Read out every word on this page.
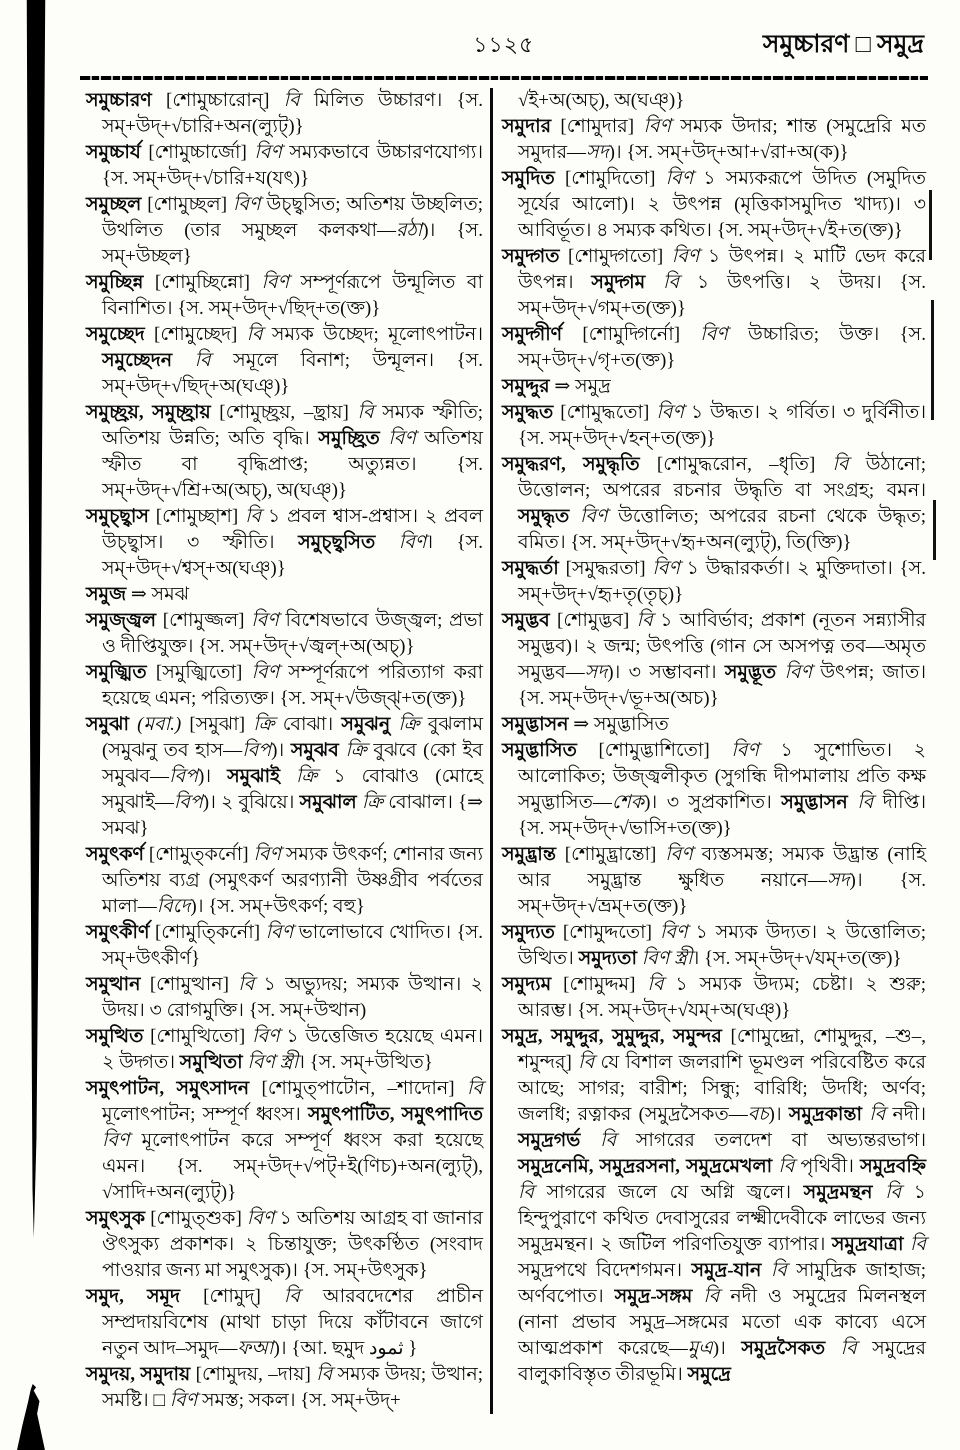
১১২৫	সমুচ্চারণ □ সমুদ্র

সমুচ্চারণ [শোমুচ্চারোন্] বি মিলিত উচ্চারণ। {স. সম্+উদ্+√চারি+অন(ল্যুট্)}

সমুচ্চার্য [শোমুচ্চার্জো] বিণ সম্যকভাবে উচ্চারণযোগ্য। {স. সম্+উদ্+√চারি+য(যৎ)}

সমুচ্ছল [শোমুচ্ছল] বিণ উচ্ছ্বসিত; অতিশয় উচ্ছলিত; উথলিত (তার সমুচ্ছল কলকথা—রঠা)। {স. সম্+উচ্ছল}

সমুচ্ছিন্ন [শোমুচ্ছিন্নো] বিণ সম্পূর্ণরূপে উন্মূলিত বা বিনাশিত। {স. সম্+উদ্+√ছিদ্+ত(ক্ত)}

সমুচ্ছেদ [শোমুচ্ছেদ] বি সম্যক উচ্ছেদ; মূলোৎপাটন। সমুচ্ছেদন বি সমূলে বিনাশ; উন্মূলন। {স. সম্+উদ্+√ছিদ্+অ(ঘঞ্)}

সমুচ্ছ্রয়, সমুচ্ছ্রায় [শোমুচ্ছ্রয়, –ছ্রায়] বি সম্যক স্ফীতি; অতিশয় উন্নতি; অতি বৃদ্ধি। সমুচ্ছ্রিত বিণ অতিশয় স্ফীত বা বৃদ্ধিপ্রাপ্ত; অত্যুন্নত। {স. সম্+উদ্+√শ্রি+অ(অচ্), অ(ঘঞ্)}

সমুচ্ছ্বাস [শোমুচ্ছাশ] বি ১ প্রবল শ্বাস-প্রশ্বাস। ২ প্রবল উচ্ছ্বাস। ৩ স্ফীতি। সমুচ্ছ্বসিত বিণ। {স. সম্+উদ্+√শ্বস্+অ(ঘঞ্)}

সমুজ ⇒ সমঝ

সমুজ্জ্বল [শোমুজ্জল] বিণ বিশেষভাবে উজ্জ্বল; প্রভা ও দীপ্তিযুক্ত। {স. সম্+উদ্+√জ্বল্+অ(অচ্)}

সমুজ্ঝিত [সমুজ্ঝিতো] বিণ সম্পূর্ণরূপে পরিত্যাগ করা হয়েছে এমন; পরিত্যক্ত। {স. সম্+√উজ্ঝ্+ত(ক্ত)}

সমুঝা (মবা.) [সমুঝা] ক্রি বোঝা। সমুঝনু ক্রি বুঝলাম (সমুঝনু তব হাস—বিপ)। সমুঝব ক্রি বুঝবে (কো ইব সমুঝব—বিপ)। সমুঝাই ক্রি ১ বোঝাও (মোহে সমুঝাই—বিপ)। ২ বুঝিয়ে। সমুঝাল ক্রি বোঝাল। {⇒ সমঝ}

সমুৎকর্ণ [শোমুত্কর্নো] বিণ সম্যক উৎকর্ণ; শোনার জন্য অতিশয় ব্যগ্র (সমুৎকর্ণ অরণ্যানী উষ্ণগ্রীব পর্বতের মালা—বিদে)। {স. সম্+উৎকর্ণ; বহু}

সমুৎকীর্ণ [শোমুত্কির্নো] বিণ ভালোভাবে খোদিত। {স. সম্+উৎকীর্ণ}

সমুত্থান [শোমুত্থান] বি ১ অভ্যুদয়; সম্যক উত্থান। ২ উদয়। ৩ রোগমুক্তি। {স. সম্+উত্থান)

সমুত্থিত [শোমুত্থিতো] বিণ ১ উত্তেজিত হয়েছে এমন। ২ উদ্গত। সমুত্থিতা বিণ স্ত্রী। {স. সম্+উত্থিত}

সমুৎপাটন, সমুৎসাদন [শোমুত্পাটোন, –শাদোন] বি মূলোৎপাটন; সম্পূর্ণ ধ্বংস। সমুৎপাটিত, সমুৎপাদিত বিণ মূলোৎপাটন করে সম্পূর্ণ ধ্বংস করা হয়েছে এমন। {স. সম্+উদ্+√পট্+ই(ণিচ)+অন(ল্যুট্), √সাদি+অন(ল্যুট্)}

সমুৎসুক [শোমুত্শুক] বিণ ১ অতিশয় আগ্রহ বা জানার ঔৎসুক্য প্রকাশক। ২ চিন্তাযুক্ত; উৎকণ্ঠিত (সংবাদ পাওয়ার জন্য মা সমুৎসুক)। {স. সম্+উৎসুক}

সমুদ, সমূদ [শোমুদ্] বি আরবদেশের প্রাচীন সম্প্রদায়বিশেষ (মাথা চাড়া দিয়ে কাঁটাবনে জাগে নতুন আদ–সমুদ—ফআ)। {আ. ছমুদ ثمود }

সমুদয়, সমুদায় [শোমুদয়, –দায়] বি সম্যক উদয়; উত্থান; সমষ্টি। □ বিণ সমস্ত; সকল। {স. সম্+উদ্+

√ই+অ(অচ্), অ(ঘঞ্)}

সমুদার [শোমুদার] বিণ সম্যক উদার; শান্ত (সমুদ্রেরি মত সমুদার—সদ)। {স. সম্+উদ্+আ+√রা+অ(ক)}

সমুদিত [শোমুদিতো] বিণ ১ সম্যকরূপে উদিত (সমুদিত সূর্যের আলো)। ২ উৎপন্ন (মৃত্তিকাসমুদিত খাদ্য)। ৩ আবির্ভূত। ৪ সম্যক কথিত। {স. সম্+উদ্+√ই+ত(ক্ত)}

সমুদ্গত [শোমুদ্গতো] বিণ ১ উৎপন্ন। ২ মাটি ভেদ করে উৎপন্ন। সমুদ্গম বি ১ উৎপত্তি। ২ উদয়। {স. সম্+উদ্+√গম্+ত(ক্ত)}

সমুদ্গীর্ণ [শোমুদ্গির্নো] বিণ উচ্চারিত; উক্ত। {স. সম্+উদ্+√গৃ+ত(ক্ত)}

সমুদ্দুর ⇒ সমুদ্র

সমুদ্ধত [শোমুদ্ধতো] বিণ ১ উদ্ধত। ২ গর্বিত। ৩ দুর্বিনীত। {স. সম্+উদ্+√হন্+ত(ক্ত)}

সমুদ্ধরণ, সমুদ্ধৃতি [শোমুদ্ধরোন, –ধৃতি] বি উঠানো; উত্তোলন; অপরের রচনার উদ্ধৃতি বা সংগ্রহ; বমন। সমুদ্ধৃত বিণ উত্তোলিত; অপরের রচনা থেকে উদ্ধৃত; বমিত। {স. সম্+উদ্+√হৃ+অন(ল্যুট্), তি(ক্তি)}

সমুদ্ধর্তা [সমুদ্ধরতা] বিণ ১ উদ্ধারকর্তা। ২ মুক্তিদাতা। {স. সম্+উদ্+√হৃ+তৃ(তৃচ্)}

সমুদ্ভব [শোমুদ্ভব] বি ১ আবির্ভাব; প্রকাশ (নূতন সন্ন্যাসীর সমুদ্ভব)। ২ জন্ম; উৎপত্তি (গান সে অসপত্ন তব—অমৃত সমুদ্ভব—সদ)। ৩ সম্ভাবনা। সমুদ্ভূত বিণ উৎপন্ন; জাত। {স. সম্+উদ্+√ভূ+অ(অচ)}

সমুদ্ভাসন ⇒ সমুদ্ভাসিত

সমুদ্ভাসিত [শোমুদ্ভাশিতো] বিণ ১ সুশোভিত। ২ আলোকিত; উজ্জ্বলীকৃত (সুগন্ধি দীপমালায় প্রতি কক্ষ সমুদ্ভাসিত—শেক)। ৩ সুপ্রকাশিত। সমুদ্ভাসন বি দীপ্তি। {স. সম্+উদ্+√ভাসি+ত(ক্ত)}

সমুদ্ভ্রান্ত [শোমুদ্ভ্রান্তো] বিণ ব্যস্তসমস্ত; সম্যক উদ্ভ্রান্ত (নাহি আর সমুদ্ভ্রান্ত ক্ষুধিত নয়ানে—সদ)। {স. সম্+উদ্+√ভ্রম্+ত(ক্ত)}

সমুদ্যত [শোমুদ্দতো] বিণ ১ সম্যক উদ্যত। ২ উত্তোলিত; উত্থিত। সমুদ্যতা বিণ স্ত্রী। {স. সম্+উদ্+√যম্+ত(ক্ত)}

সমুদ্যম [শোমুদ্দম] বি ১ সম্যক উদ্যম; চেষ্টা। ২ শুরু; আরম্ভ। {স. সম্+উদ্+√যম্+অ(ঘঞ্)}

সমুদ্র, সমুদ্দুর, সুমুদ্দুর, সমুন্দর [শোমুদ্দ্রো, শোমুদ্দুর, –শু–, শমুন্দর্] বি যে বিশাল জলরাশি ভূমণ্ডল পরিবেষ্টিত করে আছে; সাগর; বারীশ; সিন্ধু; বারিধি; উদধি; অর্ণব; জলধি; রত্নাকর (সমুদ্রসৈকত—বচ)। সমুদ্রকান্তা বি নদী। সমুদ্রগর্ভ বি সাগরের তলদেশ বা অভ্যন্তরভাগ। সমুদ্রনেমি, সমুদ্ররসনা, সমুদ্রমেখলা বি পৃথিবী। সমুদ্রবহ্নি বি সাগরের জলে যে অগ্নি জ্বলে। সমুদ্রমন্থন বি ১ হিন্দুপুরাণে কথিত দেবাসুরের লক্ষ্মীদেবীকে লাভের জন্য সমুদ্রমন্থন। ২ জটিল পরিণতিযুক্ত ব্যাপার। সমুদ্রযাত্রা বি সমুদ্রপথে বিদেশগমন। সমুদ্র-যান বি সামুদ্রিক জাহাজ; অর্ণবপোত। সমুদ্র-সঙ্গম বি নদী ও সমুদ্রের মিলনস্থল (নানা প্রভাব সমুদ্র–সঙ্গমের মতো এক কাব্যে এসে আত্মপ্রকাশ করেছে—মুএ)। সমুদ্রসৈকত বি সমুদ্রের বালুকাবিস্তৃত তীরভূমি। সমুদ্রে
